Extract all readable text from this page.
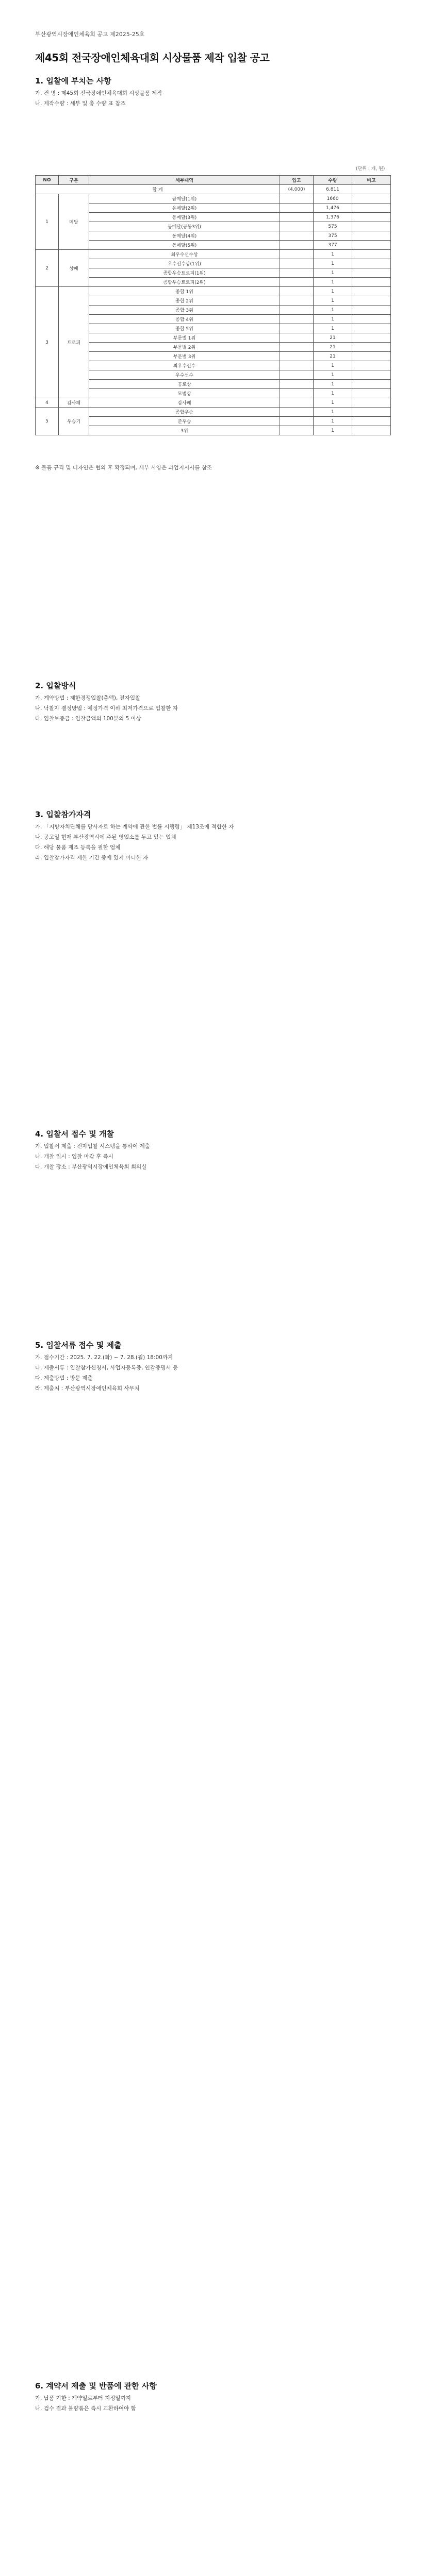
부산광역시장애인체육회 공고 제2025-25호
제45회 전국장애인체육대회 시상물품 제작 입찰 공고
1. 입찰에 부치는 사항
가. 건 명 : 제45회 전국장애인체육대회 시상물품 제작
나. 제작수량 : 세부 및 총 수량 표 참조
(단위 : 개, 원)
NO	구분	세부내역	입고	수량	비고
합 계			(4,000)	6,811	
1	메달	금메달(1위)		1660	
		은메달(2위)		1,476	
		동메달(3위)		1,376	
		동메달(공동3위)		575	
		동메달(4위)		375	
		동메달(5위)		377	
2	상패	최우수선수상		1	
		우수선수상(1위)		1	
		종합우승트로피(1위)		1	
		종합우승트로피(2위)		1	
3	트로피	종합 1위		1	
		종합 2위		1	
		종합 3위		1	
		종합 4위		1	
		종합 5위		1	
		부문별 1위		21	
		부문별 2위		21	
		부문별 3위		21	
		최우수선수		1	
		우수선수		1	
		공로상		1	
		모범상		1	
4	감사패	감사패		1	
5	우승기	종합우승		1	
		준우승		1	
		3위		1	
※ 물품 규격 및 디자인은 협의 후 확정되며, 세부 사양은 과업지시서를 참조
2. 입찰방식
가. 계약방법 : 제한경쟁입찰(총액), 전자입찰
나. 낙찰자 결정방법 : 예정가격 이하 최저가격으로 입찰한 자
다. 입찰보증금 : 입찰금액의 100분의 5 이상
3. 입찰참가자격
가. 「지방자치단체를 당사자로 하는 계약에 관한 법률 시행령」 제13조에 적합한 자
나. 공고일 현재 부산광역시에 주된 영업소를 두고 있는 업체
다. 해당 물품 제조 등록을 필한 업체
라. 입찰참가자격 제한 기간 중에 있지 아니한 자
4. 입찰서 접수 및 개찰
가. 입찰서 제출 : 전자입찰 시스템을 통하여 제출
나. 개찰 일시 : 입찰 마감 후 즉시
다. 개찰 장소 : 부산광역시장애인체육회 회의실
5. 입찰서류 접수 및 제출
가. 접수기간 : 2025. 7. 22.(화) ~ 7. 28.(월) 18:00까지
나. 제출서류 : 입찰참가신청서, 사업자등록증, 인감증명서 등
다. 제출방법 : 방문 제출
라. 제출처 : 부산광역시장애인체육회 사무처
6. 계약서 제출 및 반품에 관한 사항
가. 납품 기한 : 계약일로부터 지정일까지
나. 검수 결과 불량품은 즉시 교환하여야 함
